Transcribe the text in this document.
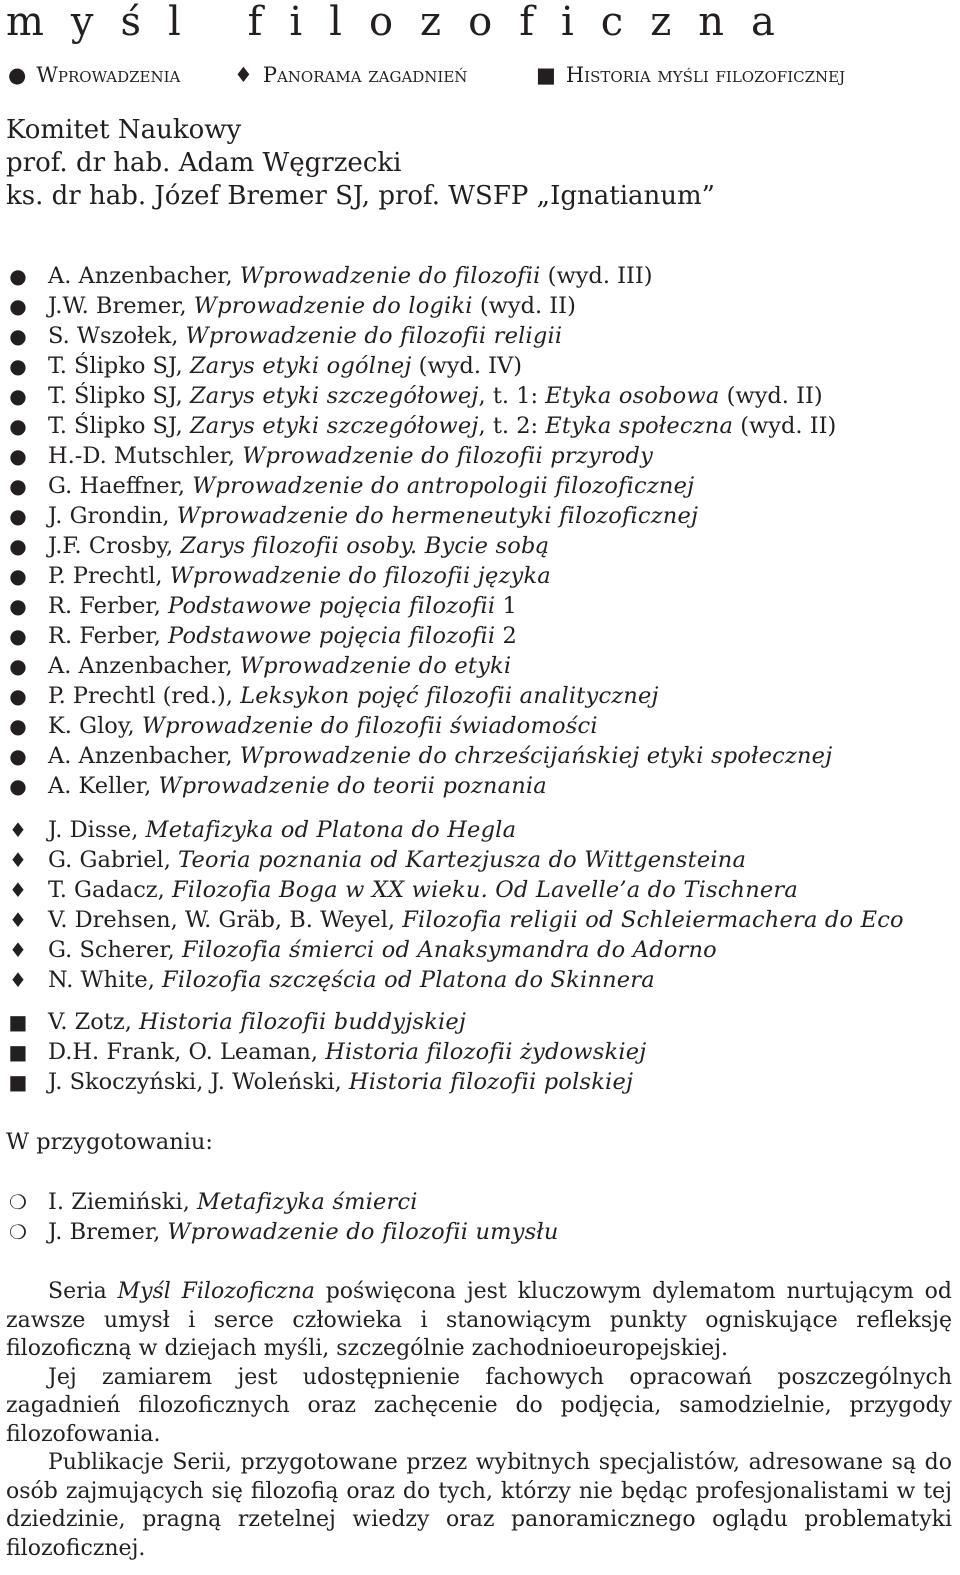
myśl filozoficzna
● Wprowadzenia	♦ Panorama zagadnień	■ Historia myśli filozoficznej
Komitet Naukowy
prof. dr hab. Adam Węgrzecki
ks. dr hab. Józef Bremer SJ, prof. WSFP „Ignatianum”
● A. Anzenbacher, Wprowadzenie do filozofii (wyd. III)
● J.W. Bremer, Wprowadzenie do logiki (wyd. II)
● S. Wszołek, Wprowadzenie do filozofii religii
● T. Ślipko SJ, Zarys etyki ogólnej (wyd. IV)
● T. Ślipko SJ, Zarys etyki szczegółowej, t. 1: Etyka osobowa (wyd. II)
● T. Ślipko SJ, Zarys etyki szczegółowej, t. 2: Etyka społeczna (wyd. II)
● H.-D. Mutschler, Wprowadzenie do filozofii przyrody
● G. Haeffner, Wprowadzenie do antropologii filozoficznej
● J. Grondin, Wprowadzenie do hermeneutyki filozoficznej
● J.F. Crosby, Zarys filozofii osoby. Bycie sobą
● P. Prechtl, Wprowadzenie do filozofii języka
● R. Ferber, Podstawowe pojęcia filozofii 1
● R. Ferber, Podstawowe pojęcia filozofii 2
● A. Anzenbacher, Wprowadzenie do etyki
● P. Prechtl (red.), Leksykon pojęć filozofii analitycznej
● K. Gloy, Wprowadzenie do filozofii świadomości
● A. Anzenbacher, Wprowadzenie do chrześcijańskiej etyki społecznej
● A. Keller, Wprowadzenie do teorii poznania
♦ J. Disse, Metafizyka od Platona do Hegla
♦ G. Gabriel, Teoria poznania od Kartezjusza do Wittgensteina
♦ T. Gadacz, Filozofia Boga w XX wieku. Od Lavelle’a do Tischnera
♦ V. Drehsen, W. Gräb, B. Weyel, Filozofia religii od Schleiermachera do Eco
♦ G. Scherer, Filozofia śmierci od Anaksymandra do Adorno
♦ N. White, Filozofia szczęścia od Platona do Skinnera
■ V. Zotz, Historia filozofii buddyjskiej
■ D.H. Frank, O. Leaman, Historia filozofii żydowskiej
■ J. Skoczyński, J. Woleński, Historia filozofii polskiej
W przygotowaniu:
❍ I. Ziemiński, Metafizyka śmierci
❍ J. Bremer, Wprowadzenie do filozofii umysłu

Seria Myśl Filozoficzna poświęcona jest kluczowym dylematom nurtującym od zawsze umysł i serce człowieka i stanowiącym punkty ogniskujące refleksję filozoficzną w dziejach myśli, szczególnie zachodnioeuropejskiej.

Jej zamiarem jest udostępnienie fachowych opracowań poszczególnych zagadnień filozoficznych oraz zachęcenie do podjęcia, samodzielnie, przygody filozofowania.

Publikacje Serii, przygotowane przez wybitnych specjalistów, adresowane są do osób zajmujących się filozofią oraz do tych, którzy nie będąc profesjonalistami w tej dziedzinie, pragną rzetelnej wiedzy oraz panoramicznego oglądu problematyki filozoficznej.
